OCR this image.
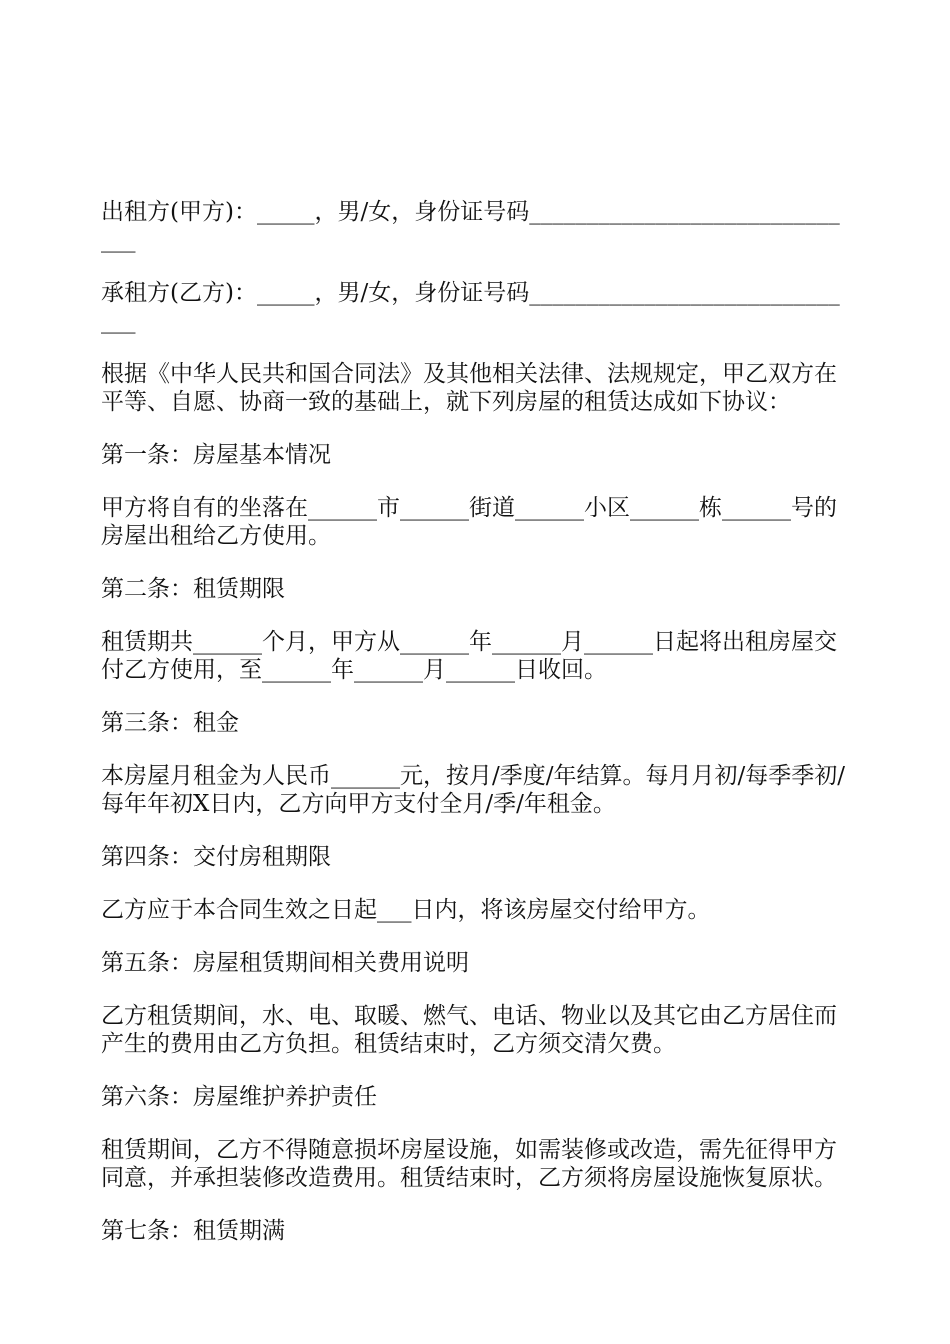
出租方(甲方)：_____，男/女，身份证号码______________________________

承租方(乙方)：_____，男/女，身份证号码______________________________

根据《中华人民共和国合同法》及其他相关法律、法规规定，甲乙双方在平等、自愿、协商一致的基础上，就下列房屋的租赁达成如下协议：

第一条：房屋基本情况

甲方将自有的坐落在______市______街道______小区______栋______号的房屋出租给乙方使用。

第二条：租赁期限

租赁期共______个月，甲方从______年______月______日起将出租房屋交付乙方使用，至______年______月______日收回。

第三条：租金

本房屋月租金为人民币______元，按月/季度/年结算。每月月初/每季季初/每年年初X日内，乙方向甲方支付全月/季/年租金。

第四条：交付房租期限

乙方应于本合同生效之日起___日内，将该房屋交付给甲方。

第五条：房屋租赁期间相关费用说明

乙方租赁期间，水、电、取暖、燃气、电话、物业以及其它由乙方居住而产生的费用由乙方负担。租赁结束时，乙方须交清欠费。

第六条：房屋维护养护责任

租赁期间，乙方不得随意损坏房屋设施，如需装修或改造，需先征得甲方同意，并承担装修改造费用。租赁结束时，乙方须将房屋设施恢复原状。

第七条：租赁期满
